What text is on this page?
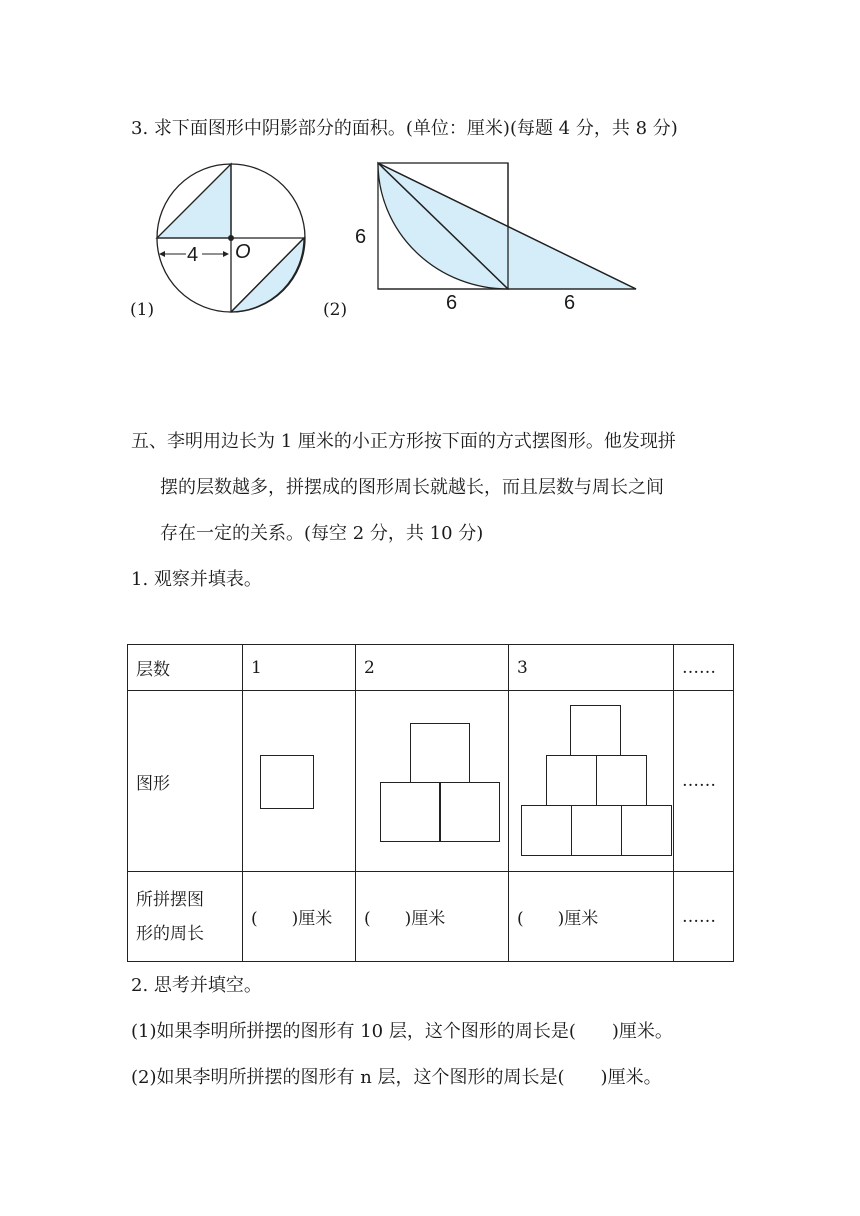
3. 求下面图形中阴影部分的面积。(单位：厘米)(每题 4 分，共 8 分)
4 O
(1)
6
6	6
(2)
五、李明用边长为 1 厘米的小正方形按下面的方式摆图形。他发现拼
摆的层数越多，拼摆成的图形周长就越长，而且层数与周长之间
存在一定的关系。(每空 2 分，共 10 分)
1. 观察并填表。
层数	1	2	3	……
图形				……
所拼摆图
形的周长	(　　)厘米	(　　)厘米	(　　)厘米	……
2. 思考并填空。
(1)如果李明所拼摆的图形有 10 层，这个图形的周长是(　　)厘米。
(2)如果李明所拼摆的图形有 n 层，这个图形的周长是(　　)厘米。
